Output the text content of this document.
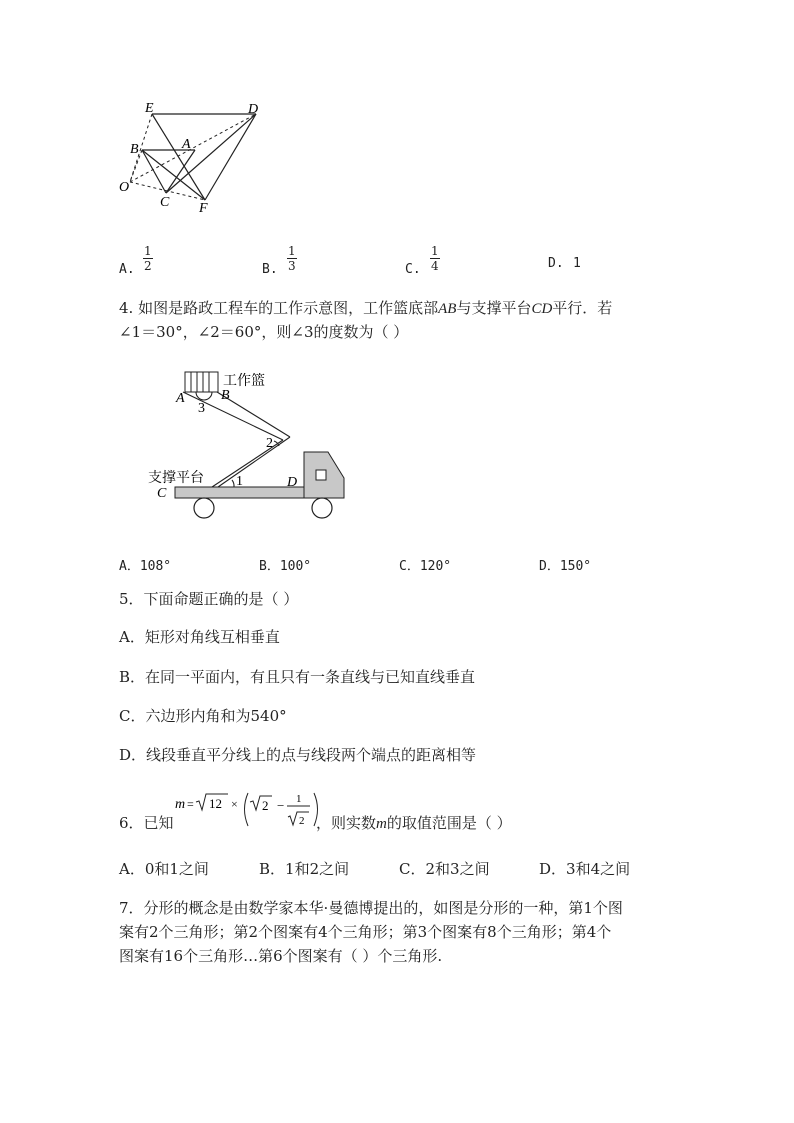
E	D
B	A
O
C F
A.
1
2	B.
1
3	C.
1
4	D. 1
4. 如图是路政工程车的工作示意图，工作篮底部AB与支撑平台CD平行．若
∠1＝30°，∠2＝60°，则∠3的度数为（ ）
工作篮
A	B
3
2
支撑平台
C
1	D
A．108°	B．100°	C．120°	D．150°
5．下面命题正确的是（ ）
A．矩形对角线互相垂直
B．在同一平面内，有且只有一条直线与已知直线垂直
C．六边形内角和为540°
D．线段垂直平分线上的点与线段两个端点的距离相等
6．已知
m = 12 × 2 − 1
2 ，则实数m的取值范围是（ ）
A．0和1之间	B．1和2之间	C．2和3之间	D．3和4之间
7．分形的概念是由数学家本华·曼德博提出的，如图是分形的一种，第1个图
案有2个三角形；第2个图案有4个三角形；第3个图案有8个三角形；第4个
图案有16个三角形…第6个图案有（ ）个三角形.
